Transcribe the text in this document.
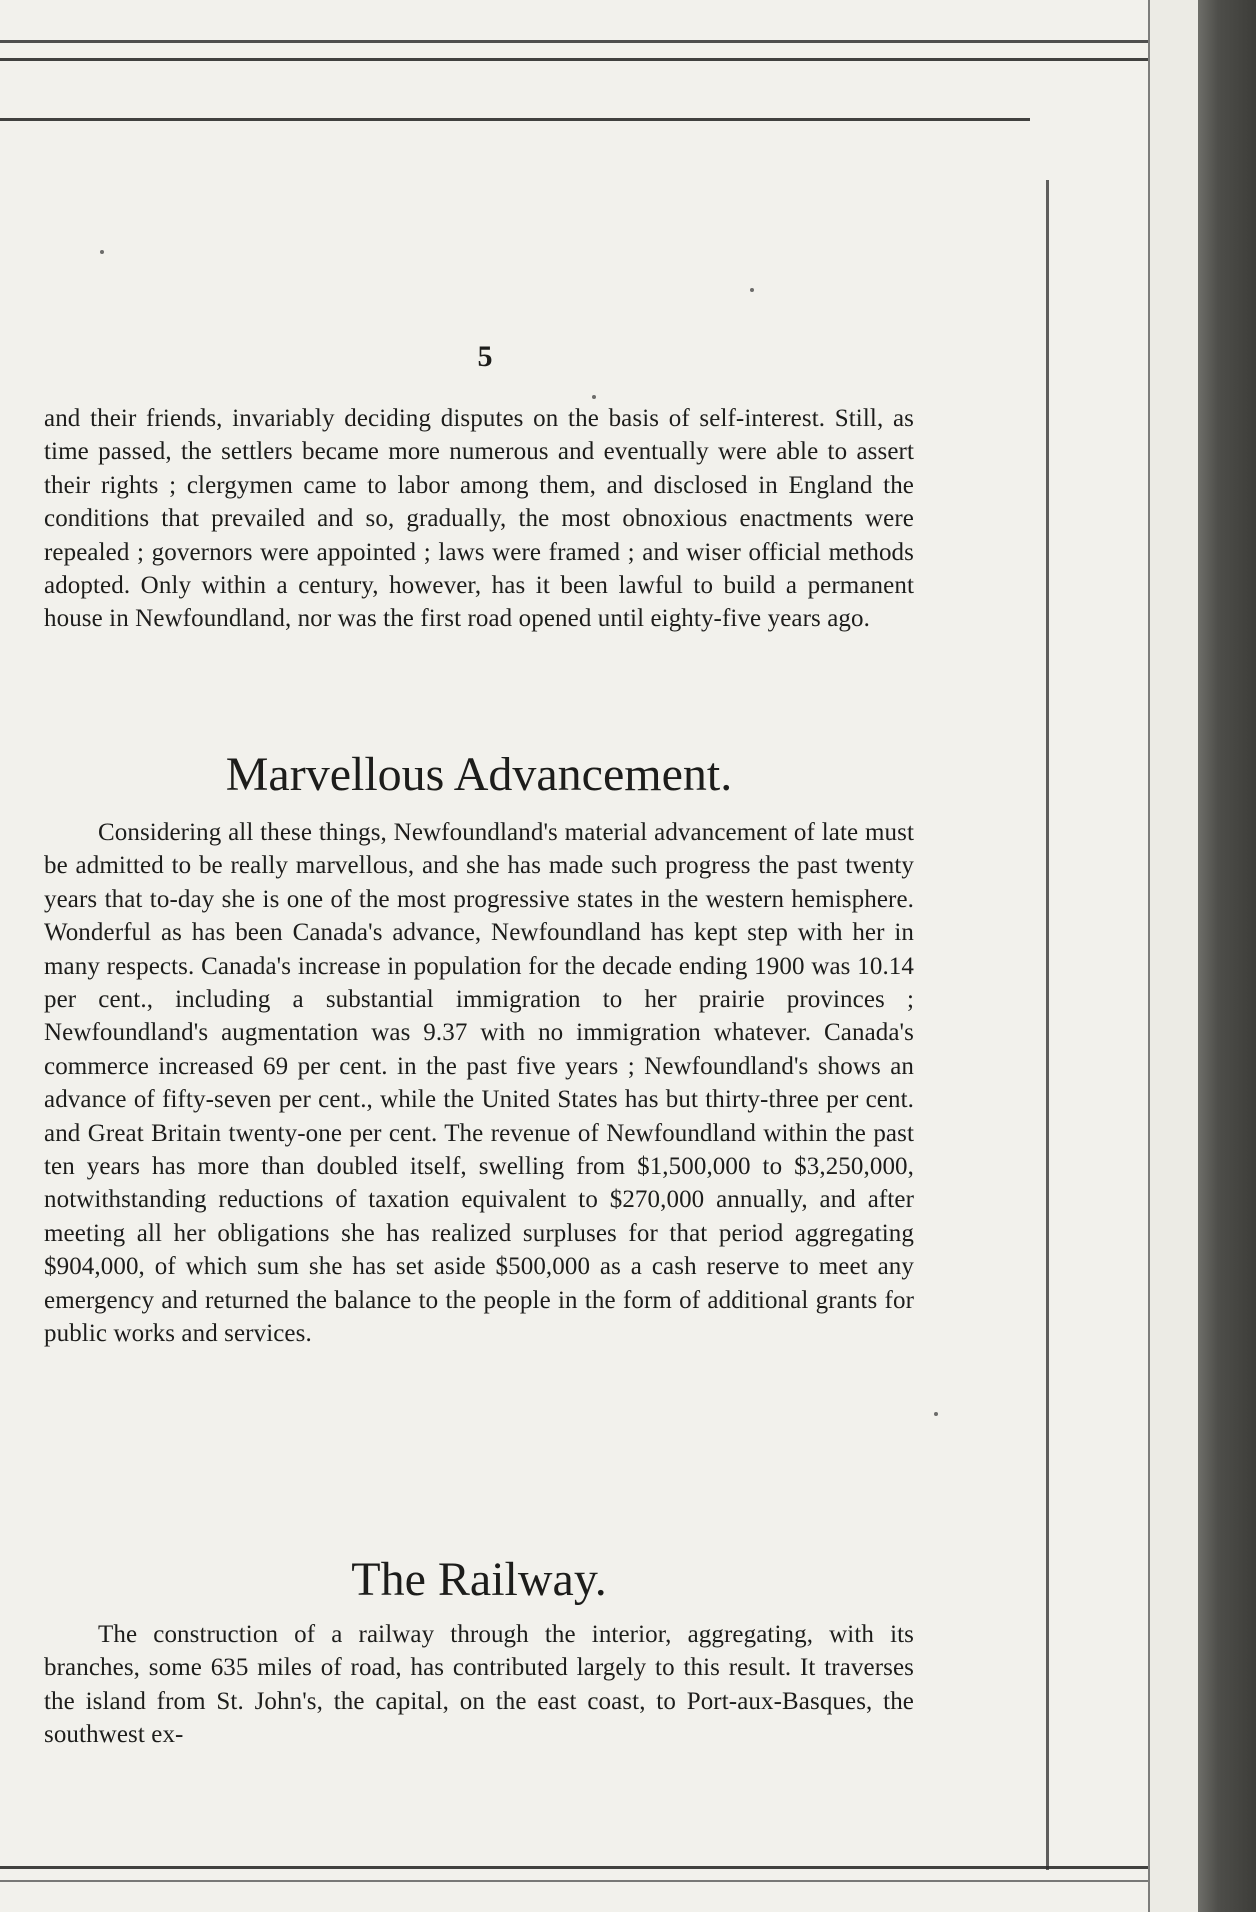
5

and their friends, invariably deciding disputes on the basis of self-interest. Still, as time passed, the settlers became more numerous and eventually were able to assert their rights ; clergymen came to labor among them, and disclosed in England the conditions that prevailed and so, gradually, the most obnoxious enactments were repealed ; governors were appointed ; laws were framed ; and wiser official methods adopted. Only within a century, however, has it been lawful to build a permanent house in Newfoundland, nor was the first road opened until eighty-five years ago.

Marvellous Advancement.

Considering all these things, Newfoundland's material advancement of late must be admitted to be really marvellous, and she has made such progress the past twenty years that to-day she is one of the most progressive states in the western hemisphere. Wonderful as has been Canada's advance, Newfoundland has kept step with her in many respects. Canada's increase in population for the decade ending 1900 was 10.14 per cent., including a substantial immigration to her prairie provinces ; Newfoundland's augmentation was 9.37 with no immigration whatever. Canada's commerce increased 69 per cent. in the past five years ; Newfoundland's shows an advance of fifty-seven per cent., while the United States has but thirty-three per cent. and Great Britain twenty-one per cent. The revenue of Newfoundland within the past ten years has more than doubled itself, swelling from $1,500,000 to $3,250,000, notwithstanding reductions of taxation equivalent to $270,000 annually, and after meeting all her obligations she has realized surpluses for that period aggregating $904,000, of which sum she has set aside $500,000 as a cash reserve to meet any emergency and returned the balance to the people in the form of additional grants for public works and services.

The Railway.

The construction of a railway through the interior, aggregating, with its branches, some 635 miles of road, has contributed largely to this result. It traverses the island from St. John's, the capital, on the east coast, to Port-aux-Basques, the southwest ex-
